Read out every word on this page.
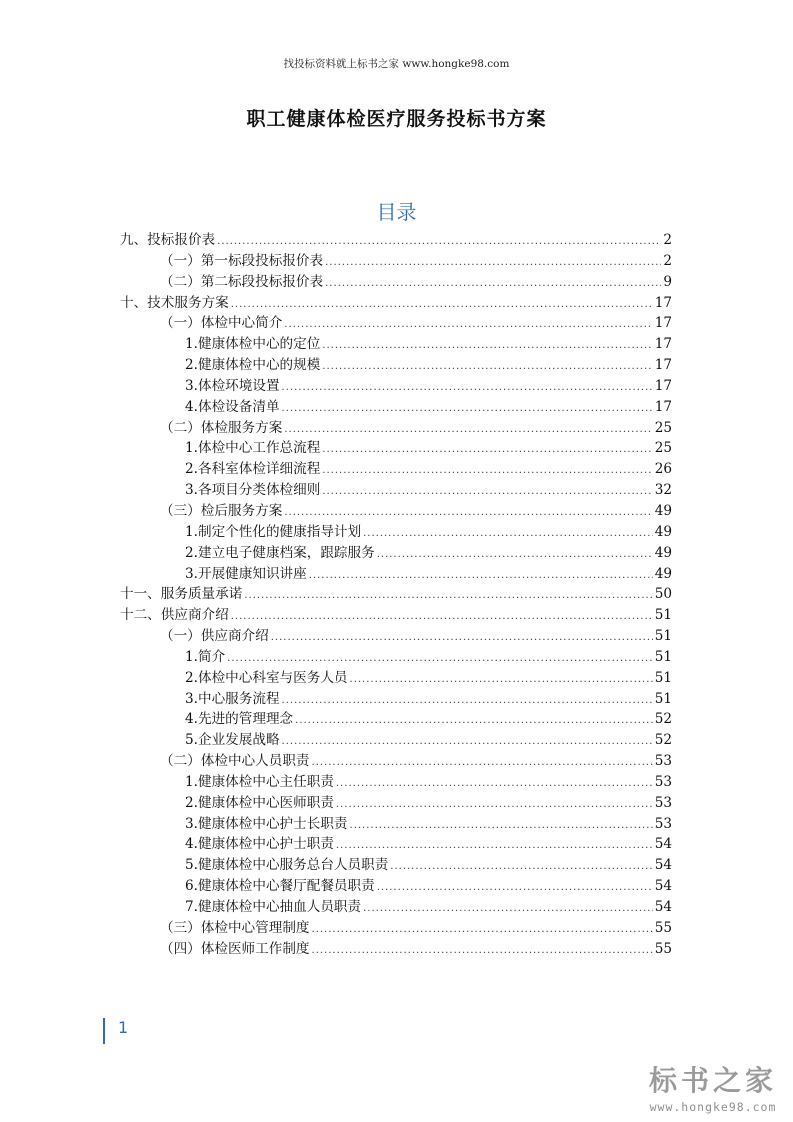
找投标资料就上标书之家 www.hongke98.com
职工健康体检医疗服务投标书方案
目录
九、投标报价表 .....	2
（一）第一标段投标报价表 .....	2
（二）第二标段投标报价表 .....	9
十、技术服务方案 .....	17
（一）体检中心简介 .....	17
1.健康体检中心的定位 .....	17
2.健康体检中心的规模 .....	17
3.体检环境设置 .....	17
4.体检设备清单 .....	17
（二）体检服务方案 .....	25
1.体检中心工作总流程 .....	25
2.各科室体检详细流程 .....	26
3.各项目分类体检细则 .....	32
（三）检后服务方案 .....	49
1.制定个性化的健康指导计划 .....	49
2.建立电子健康档案，跟踪服务 .....	49
3.开展健康知识讲座 .....	49
十一、服务质量承诺 .....	50
十二、供应商介绍 .....	51
（一）供应商介绍 .....	51
1.简介 .....	51
2.体检中心科室与医务人员 .....	51
3.中心服务流程 .....	51
4.先进的管理理念 .....	52
5.企业发展战略 .....	52
（二）体检中心人员职责 .....	53
1.健康体检中心主任职责 .....	53
2.健康体检中心医师职责 .....	53
3.健康体检中心护士长职责 .....	53
4.健康体检中心护士职责 .....	54
5.健康体检中心服务总台人员职责 .....	54
6.健康体检中心餐厅配餐员职责 .....	54
7.健康体检中心抽血人员职责 .....	54
（三）体检中心管理制度 .....	55
（四）体检医师工作制度 .....	55
1
标书之家
www.hongke98.com
